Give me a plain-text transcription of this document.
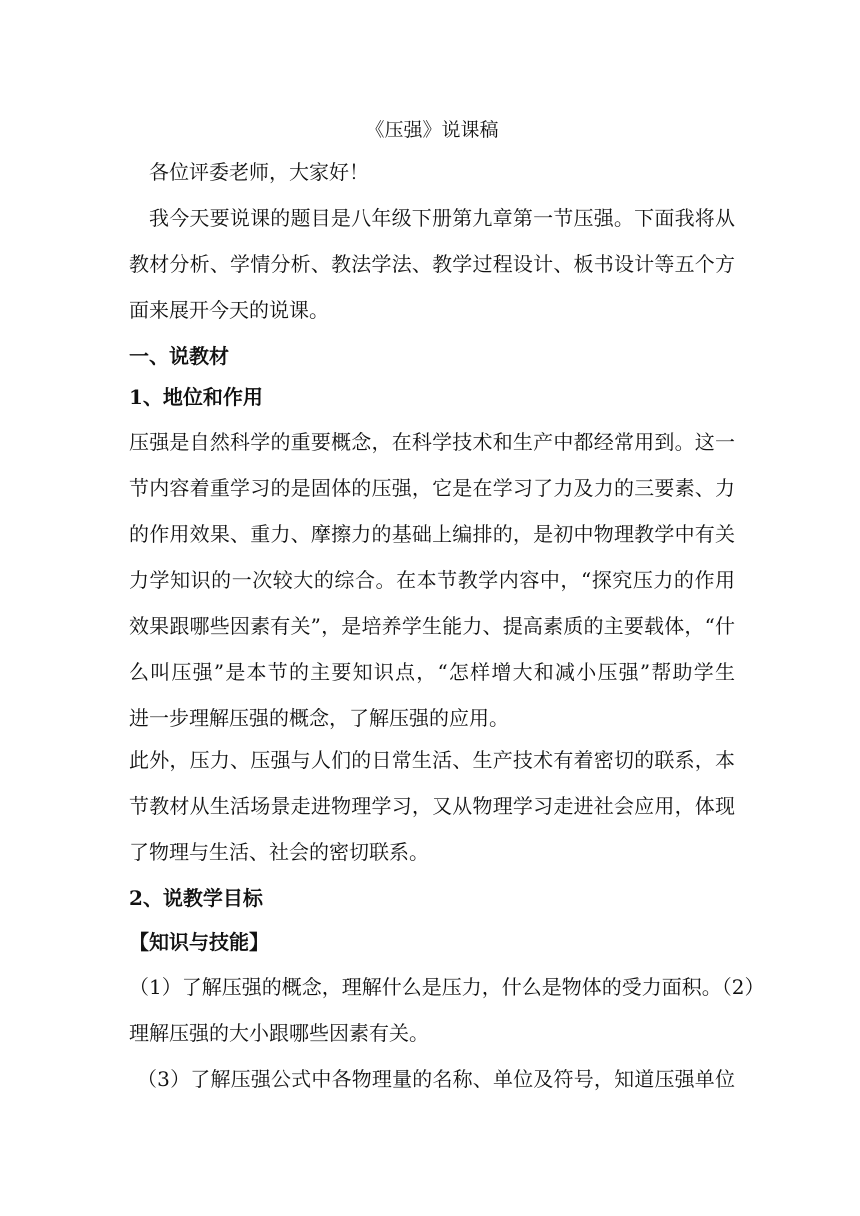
《压强》说课稿
各位评委老师，大家好！
我今天要说课的题目是八年级下册第九章第一节压强。下面我将从
教材分析、学情分析、教法学法、教学过程设计、板书设计等五个方
面来展开今天的说课。
一、说教材
1、地位和作用
压强是自然科学的重要概念，在科学技术和生产中都经常用到。这一
节内容着重学习的是固体的压强，它是在学习了力及力的三要素、力
的作用效果、重力、摩擦力的基础上编排的，是初中物理教学中有关
力学知识的一次较大的综合。在本节教学内容中，“探究压力的作用
效果跟哪些因素有关”，是培养学生能力、提高素质的主要载体，“什
么叫压强”是本节的主要知识点，“怎样增大和减小压强”帮助学生
进一步理解压强的概念，了解压强的应用。
此外，压力、压强与人们的日常生活、生产技术有着密切的联系，本
节教材从生活场景走进物理学习，又从物理学习走进社会应用，体现
了物理与生活、社会的密切联系。
2、说教学目标
【知识与技能】
（1）了解压强的概念，理解什么是压力，什么是物体的受力面积。（2）
理解压强的大小跟哪些因素有关。
（3）了解压强公式中各物理量的名称、单位及符号，知道压强单位
